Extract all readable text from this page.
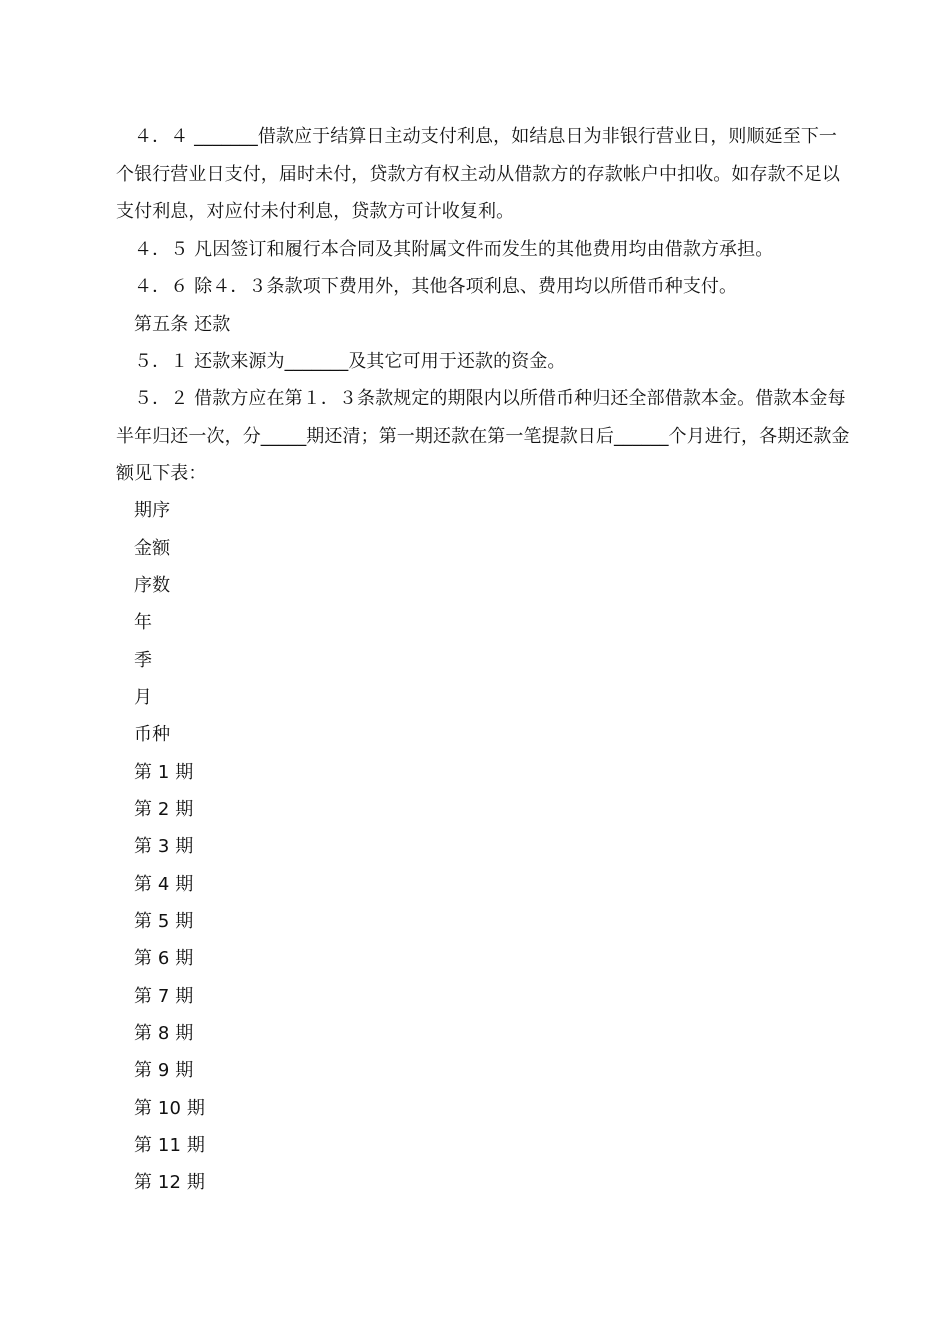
４．４ _______借款应于结算日主动支付利息，如结息日为非银行营业日，则顺延至下一个银行营业日支付，届时未付，贷款方有权主动从借款方的存款帐户中扣收。如存款不足以支付利息，对应付未付利息，贷款方可计收复利。

４．５ 凡因签订和履行本合同及其附属文件而发生的其他费用均由借款方承担。

４．６ 除４．３条款项下费用外，其他各项利息、费用均以所借币种支付。

第五条 还款

５．１ 还款来源为_______及其它可用于还款的资金。

５．２ 借款方应在第１．３条款规定的期限内以所借币种归还全部借款本金。借款本金每半年归还一次，分_____期还清；第一期还款在第一笔提款日后______个月进行，各期还款金额见下表：

期序

金额

序数

年

季

月

币种

第 1 期

第 2 期

第 3 期

第 4 期

第 5 期

第 6 期

第 7 期

第 8 期

第 9 期

第 10 期

第 11 期

第 12 期
